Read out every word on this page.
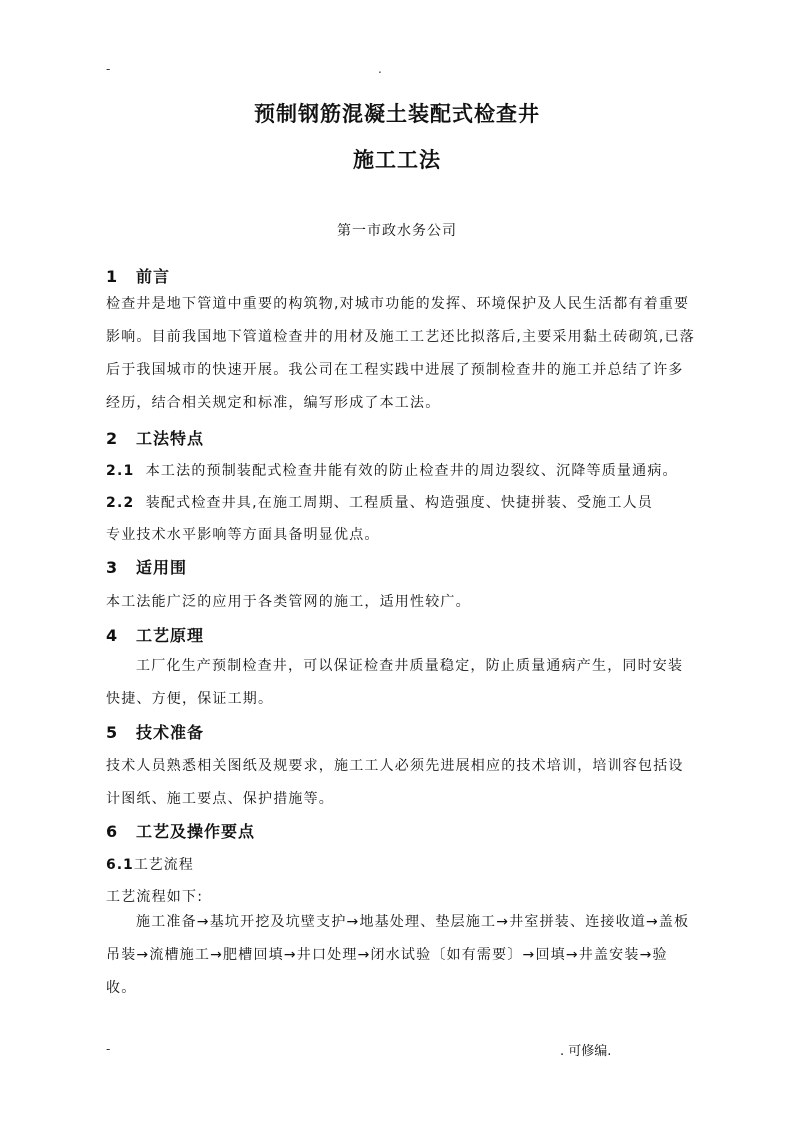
-	.
预制钢筋混凝土装配式检查井
施工工法
第一市政水务公司
1 前言
检查井是地下管道中重要的构筑物,对城市功能的发挥、环境保护及人民生活都有着重要影响。目前我国地下管道检查井的用材及施工工艺还比拟落后,主要采用黏土砖砌筑,已落后于我国城市的快速开展。我公司在工程实践中进展了预制检查井的施工并总结了许多经历，结合相关规定和标准，编写形成了本工法。
2 工法特点
2.1 本工法的预制装配式检查井能有效的防止检查井的周边裂纹、沉降等质量通病。
2.2 装配式检查井具,在施工周期、工程质量、构造强度、快捷拼装、受施工人员
专业技术水平影响等方面具备明显优点。
3 适用围
本工法能广泛的应用于各类管网的施工，适用性较广。
4 工艺原理
工厂化生产预制检查井，可以保证检查井质量稳定，防止质量通病产生，同时安装快捷、方便，保证工期。
5 技术准备
技术人员熟悉相关图纸及规要求，施工工人必须先进展相应的技术培训，培训容包括设计图纸、施工要点、保护措施等。
6 工艺及操作要点
6.1工艺流程
工艺流程如下:
施工准备→基坑开挖及坑壁支护→地基处理、垫层施工→井室拼装、连接收道→盖板吊装→流槽施工→肥槽回填→井口处理→闭水试验〔如有需要〕→回填→井盖安装→验收。
-	. 可修编.
